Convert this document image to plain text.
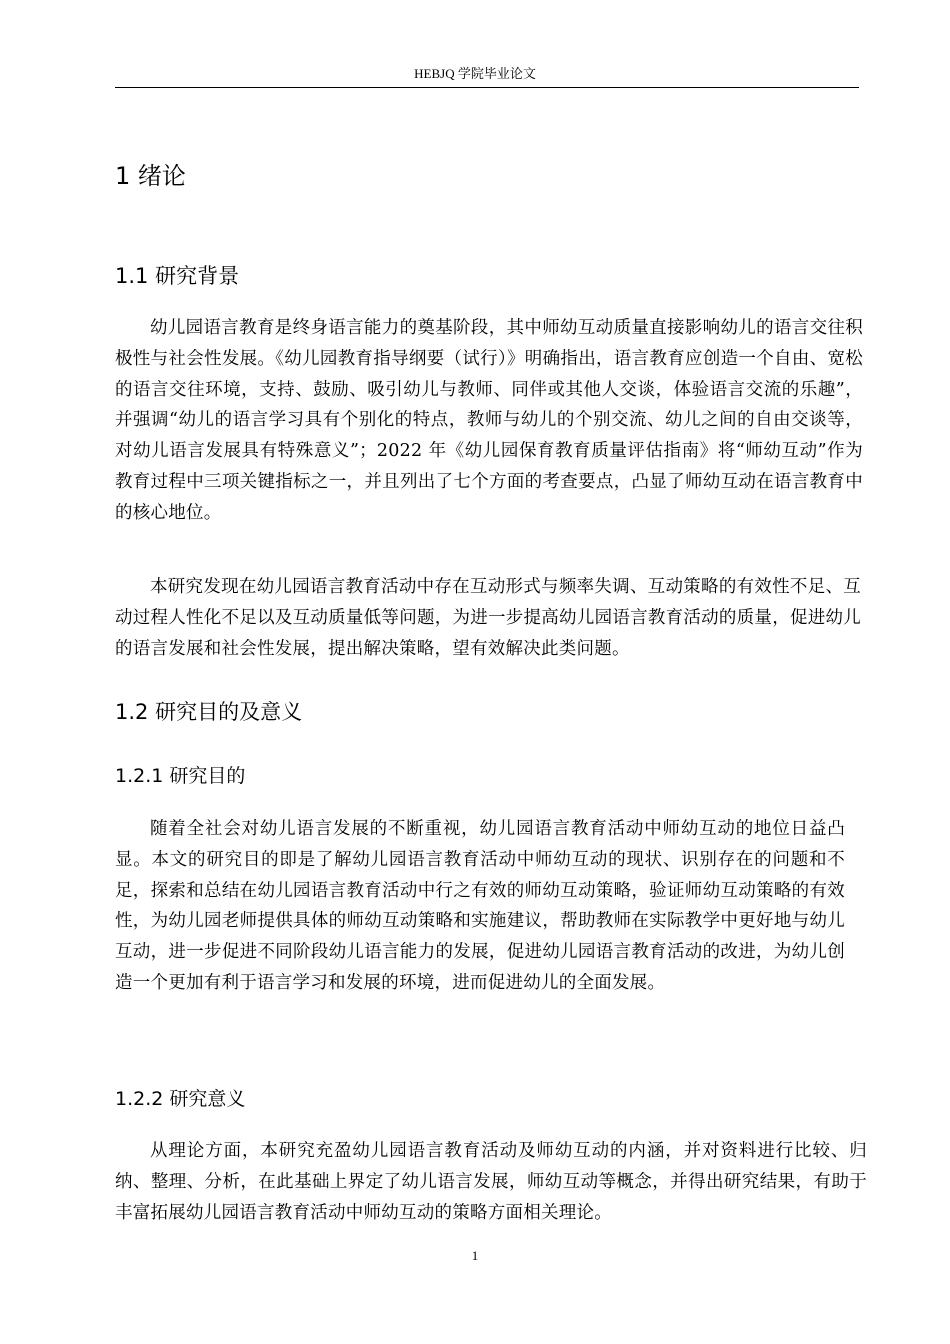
HEBJQ 学院毕业论文
1 绪论
1.1 研究背景

幼儿园语言教育是终身语言能力的奠基阶段，其中师幼互动质量直接影响幼儿的语言交往积极性与社会性发展。《幼儿园教育指导纲要（试行）》明确指出，语言教育应创造一个自由、宽松的语言交往环境，支持、鼓励、吸引幼儿与教师、同伴或其他人交谈，体验语言交流的乐趣”，并强调“幼儿的语言学习具有个别化的特点，教师与幼儿的个别交流、幼儿之间的自由交谈等，对幼儿语言发展具有特殊意义”；2022 年《幼儿园保育教育质量评估指南》将“师幼互动”作为教育过程中三项关键指标之一，并且列出了七个方面的考查要点，凸显了师幼互动在语言教育中的核心地位。

本研究发现在幼儿园语言教育活动中存在互动形式与频率失调、互动策略的有效性不足、互动过程人性化不足以及互动质量低等问题，为进一步提高幼儿园语言教育活动的质量，促进幼儿的语言发展和社会性发展，提出解决策略，望有效解决此类问题。

1.2 研究目的及意义
1.2.1 研究目的

随着全社会对幼儿语言发展的不断重视，幼儿园语言教育活动中师幼互动的地位日益凸显。本文的研究目的即是了解幼儿园语言教育活动中师幼互动的现状、识别存在的问题和不足，探索和总结在幼儿园语言教育活动中行之有效的师幼互动策略，验证师幼互动策略的有效性，为幼儿园老师提供具体的师幼互动策略和实施建议，帮助教师在实际教学中更好地与幼儿互动，进一步促进不同阶段幼儿语言能力的发展，促进幼儿园语言教育活动的改进，为幼儿创造一个更加有利于语言学习和发展的环境，进而促进幼儿的全面发展。

1.2.2 研究意义

从理论方面，本研究充盈幼儿园语言教育活动及师幼互动的内涵，并对资料进行比较、归纳、整理、分析，在此基础上界定了幼儿语言发展，师幼互动等概念，并得出研究结果，有助于丰富拓展幼儿园语言教育活动中师幼互动的策略方面相关理论。

1
